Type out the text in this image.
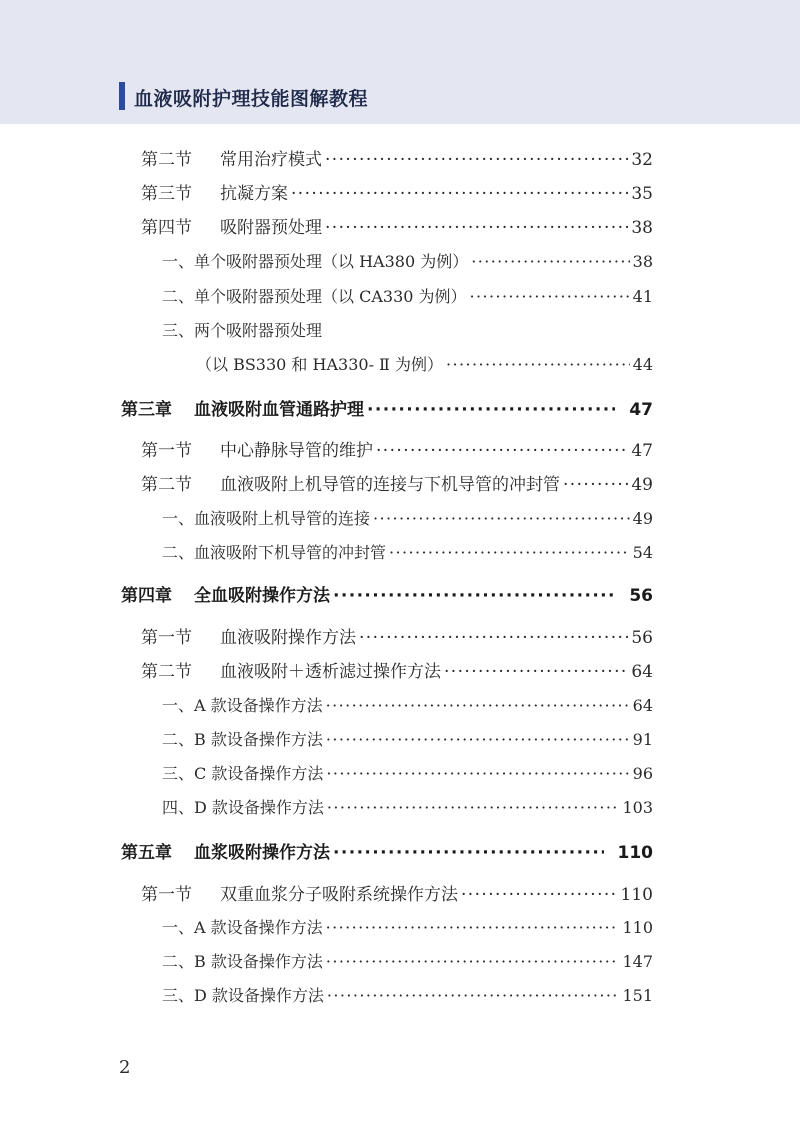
血液吸附护理技能图解教程
第二节 常用治疗模式 ·····	32
第三节 抗凝方案 ·····	35
第四节 吸附器预处理 ·····	38
一、单个吸附器预处理（以 HA380 为例） ·····	38
二、单个吸附器预处理（以 CA330 为例） ·····	41
三、两个吸附器预处理
（以 BS330 和 HA330- Ⅱ 为例） ·····	44
第三章 血液吸附血管通路护理 ·····	47
第一节 中心静脉导管的维护 ·····	47
第二节 血液吸附上机导管的连接与下机导管的冲封管 ·····	49
一、血液吸附上机导管的连接 ·····	49
二、血液吸附下机导管的冲封管 ·····	54
第四章 全血吸附操作方法 ·····	56
第一节 血液吸附操作方法 ·····	56
第二节 血液吸附＋透析滤过操作方法 ·····	64
一、A 款设备操作方法 ·····	64
二、B 款设备操作方法 ·····	91
三、C 款设备操作方法 ·····	96
四、D 款设备操作方法 ·····	103
第五章 血浆吸附操作方法 ·····	110
第一节 双重血浆分子吸附系统操作方法 ·····	110
一、A 款设备操作方法 ·····	110
二、B 款设备操作方法 ·····	147
三、D 款设备操作方法 ·····	151
2
